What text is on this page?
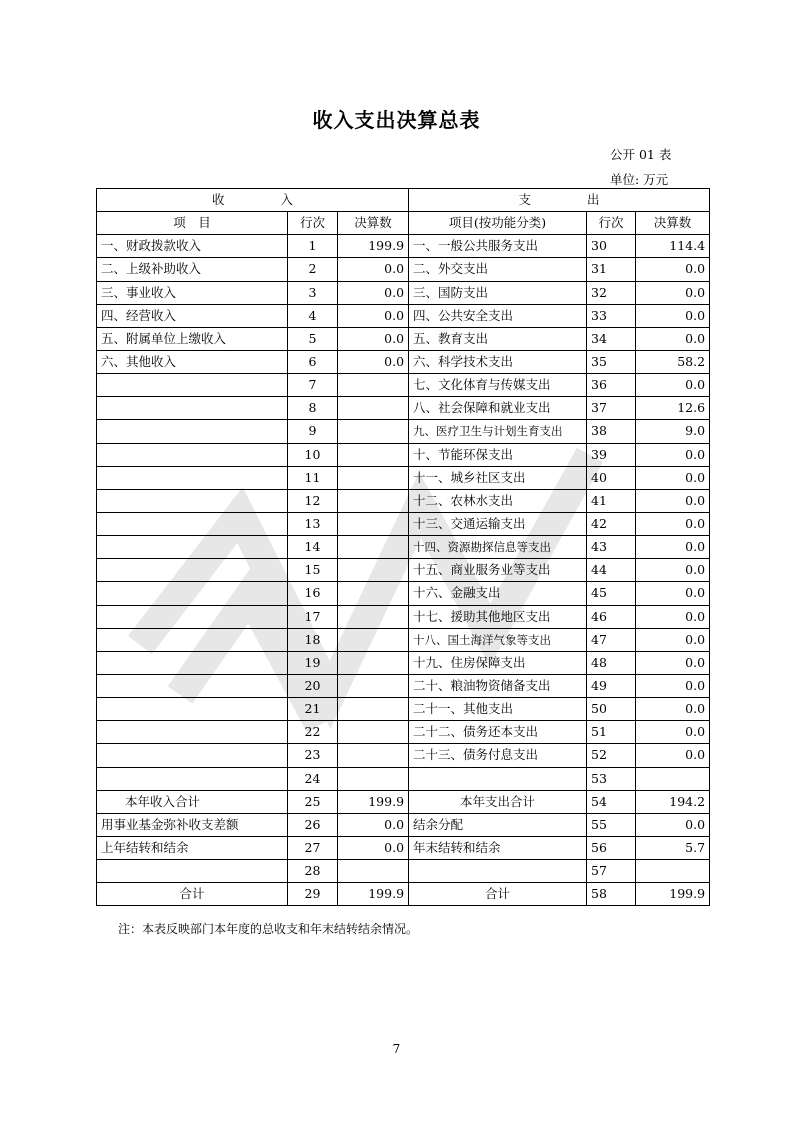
收入支出决算总表
公开 01 表
单位: 万元
收 入			支 出		
项　目	行次	决算数	项目(按功能分类)	行次	决算数
一、财政拨款收入	1	199.9	一、一般公共服务支出	30	114.4
二、上级补助收入	2	0.0	二、外交支出	31	0.0
三、事业收入	3	0.0	三、国防支出	32	0.0
四、经营收入	4	0.0	四、公共安全支出	33	0.0
五、附属单位上缴收入	5	0.0	五、教育支出	34	0.0
六、其他收入	6	0.0	六、科学技术支出	35	58.2
	7		七、文化体育与传媒支出	36	0.0
	8		八、社会保障和就业支出	37	12.6
	9		九、医疗卫生与计划生育支出	38	9.0
	10		十、节能环保支出	39	0.0
	11		十一、城乡社区支出	40	0.0
	12		十二、农林水支出	41	0.0
	13		十三、交通运输支出	42	0.0
	14		十四、资源勘探信息等支出	43	0.0
	15		十五、商业服务业等支出	44	0.0
	16		十六、金融支出	45	0.0
	17		十七、援助其他地区支出	46	0.0
	18		十八、国土海洋气象等支出	47	0.0
	19		十九、住房保障支出	48	0.0
	20		二十、粮油物资储备支出	49	0.0
	21		二十一、其他支出	50	0.0
	22		二十二、债务还本支出	51	0.0
	23		二十三、债务付息支出	52	0.0
	24			53	
本年收入合计	25	199.9	本年支出合计	54	194.2
用事业基金弥补收支差额	26	0.0	结余分配	55	0.0
上年结转和结余	27	0.0	年末结转和结余	56	5.7
	28			57	
合计	29	199.9	合计	58	199.9
注：本表反映部门本年度的总收支和年末结转结余情况。
7
